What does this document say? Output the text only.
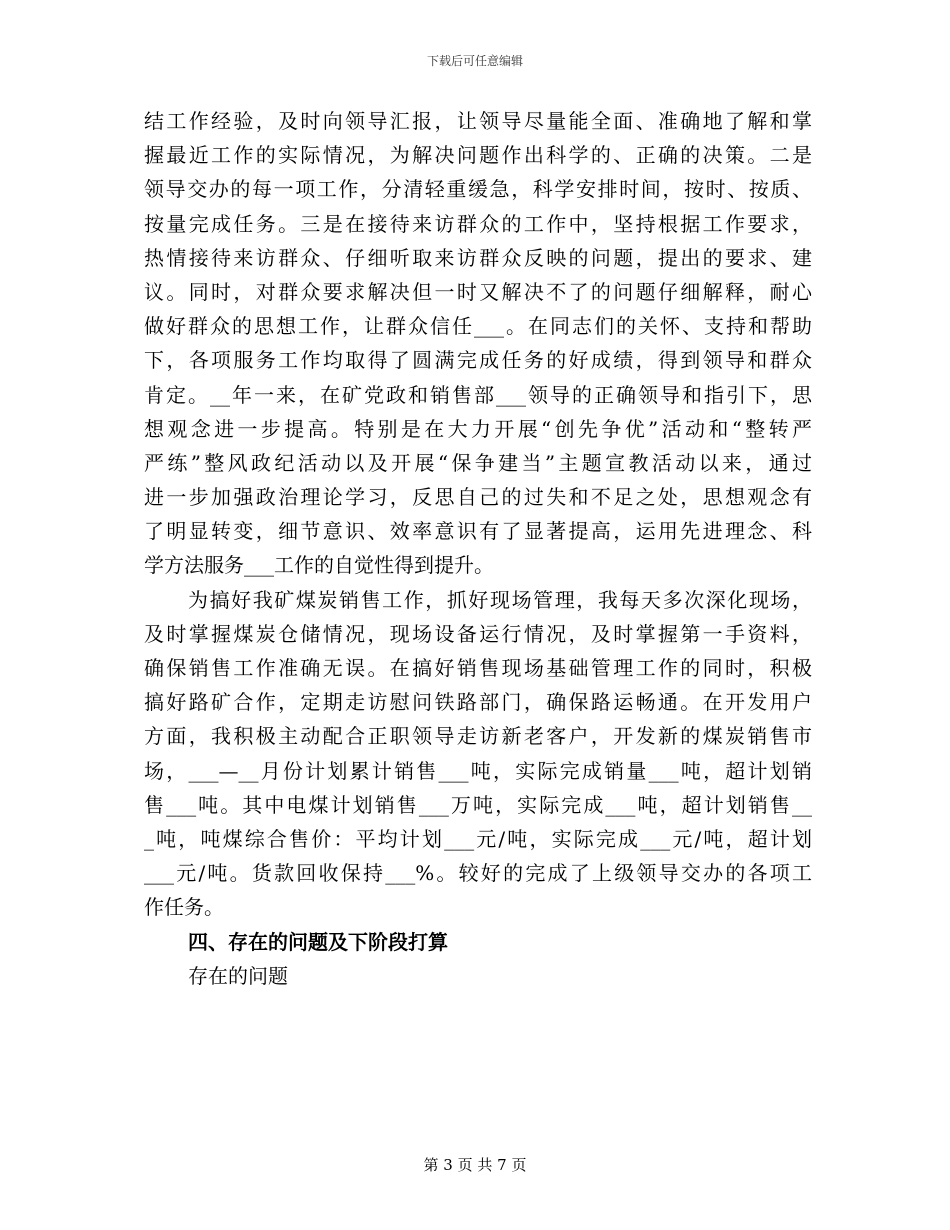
下载后可任意编辑
结工作经验，及时向领导汇报，让领导尽量能全面、准确地了解和掌
握最近工作的实际情况，为解决问题作出科学的、正确的决策。二是
领导交办的每一项工作，分清轻重缓急，科学安排时间，按时、按质、
按量完成任务。三是在接待来访群众的工作中，坚持根据工作要求，
热情接待来访群众、仔细听取来访群众反映的问题，提出的要求、建
议。同时，对群众要求解决但一时又解决不了的问题仔细解释，耐心
做好群众的思想工作，让群众信任___。在同志们的关怀、支持和帮助
下，各项服务工作均取得了圆满完成任务的好成绩，得到领导和群众
肯定。__年一来，在矿党政和销售部___领导的正确领导和指引下，思
想观念进一步提高。特别是在大力开展“创先争优”活动和“整转严
严练”整风政纪活动以及开展“保争建当”主题宣教活动以来，通过
进一步加强政治理论学习，反思自己的过失和不足之处，思想观念有
了明显转变，细节意识、效率意识有了显著提高，运用先进理念、科
学方法服务___工作的自觉性得到提升。
为搞好我矿煤炭销售工作，抓好现场管理，我每天多次深化现场，
及时掌握煤炭仓储情况，现场设备运行情况，及时掌握第一手资料，
确保销售工作准确无误。在搞好销售现场基础管理工作的同时，积极
搞好路矿合作，定期走访慰问铁路部门，确保路运畅通。在开发用户
方面，我积极主动配合正职领导走访新老客户，开发新的煤炭销售市
场，___—__月份计划累计销售___吨，实际完成销量___吨，超计划销
售___吨。其中电煤计划销售___万吨，实际完成___吨，超计划销售__
_吨，吨煤综合售价：平均计划___元/吨，实际完成___元/吨，超计划
___元/吨。货款回收保持___%。较好的完成了上级领导交办的各项工
作任务。
四、存在的问题及下阶段打算
存在的问题
第 3 页 共 7 页
